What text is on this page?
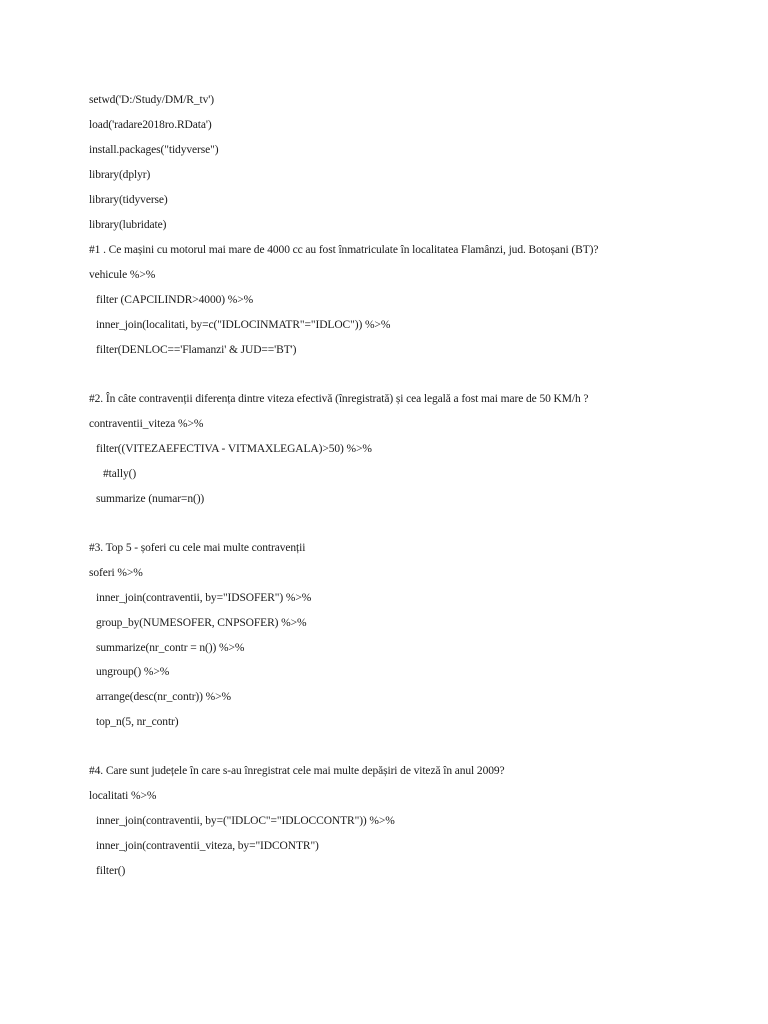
setwd('D:/Study/DM/R_tv')
load('radare2018ro.RData')
install.packages("tidyverse")
library(dplyr)
library(tidyverse)
library(lubridate)
#1 . Ce mașini cu motorul mai mare de 4000 cc au fost înmatriculate în localitatea Flamânzi, jud. Botoșani (BT)?
vehicule %>%
filter (CAPCILINDR>4000) %>%
inner_join(localitati, by=c("IDLOCINMATR"="IDLOC")) %>%
filter(DENLOC=='Flamanzi' & JUD=='BT')
#2. În câte contravenții diferența dintre viteza efectivă (înregistrată) și cea legală a fost mai mare de 50 KM/h ?
contraventii_viteza %>%
filter((VITEZAEFECTIVA - VITMAXLEGALA)>50) %>%
#tally()
summarize (numar=n())
#3. Top 5 - șoferi cu cele mai multe contravenții
soferi %>%
inner_join(contraventii, by="IDSOFER") %>%
group_by(NUMESOFER, CNPSOFER) %>%
summarize(nr_contr = n()) %>%
ungroup() %>%
arrange(desc(nr_contr)) %>%
top_n(5, nr_contr)
#4. Care sunt județele în care s-au înregistrat cele mai multe depășiri de viteză în anul 2009?
localitati %>%
inner_join(contraventii, by=("IDLOC"="IDLOCCONTR")) %>%
inner_join(contraventii_viteza, by="IDCONTR")
filter()
